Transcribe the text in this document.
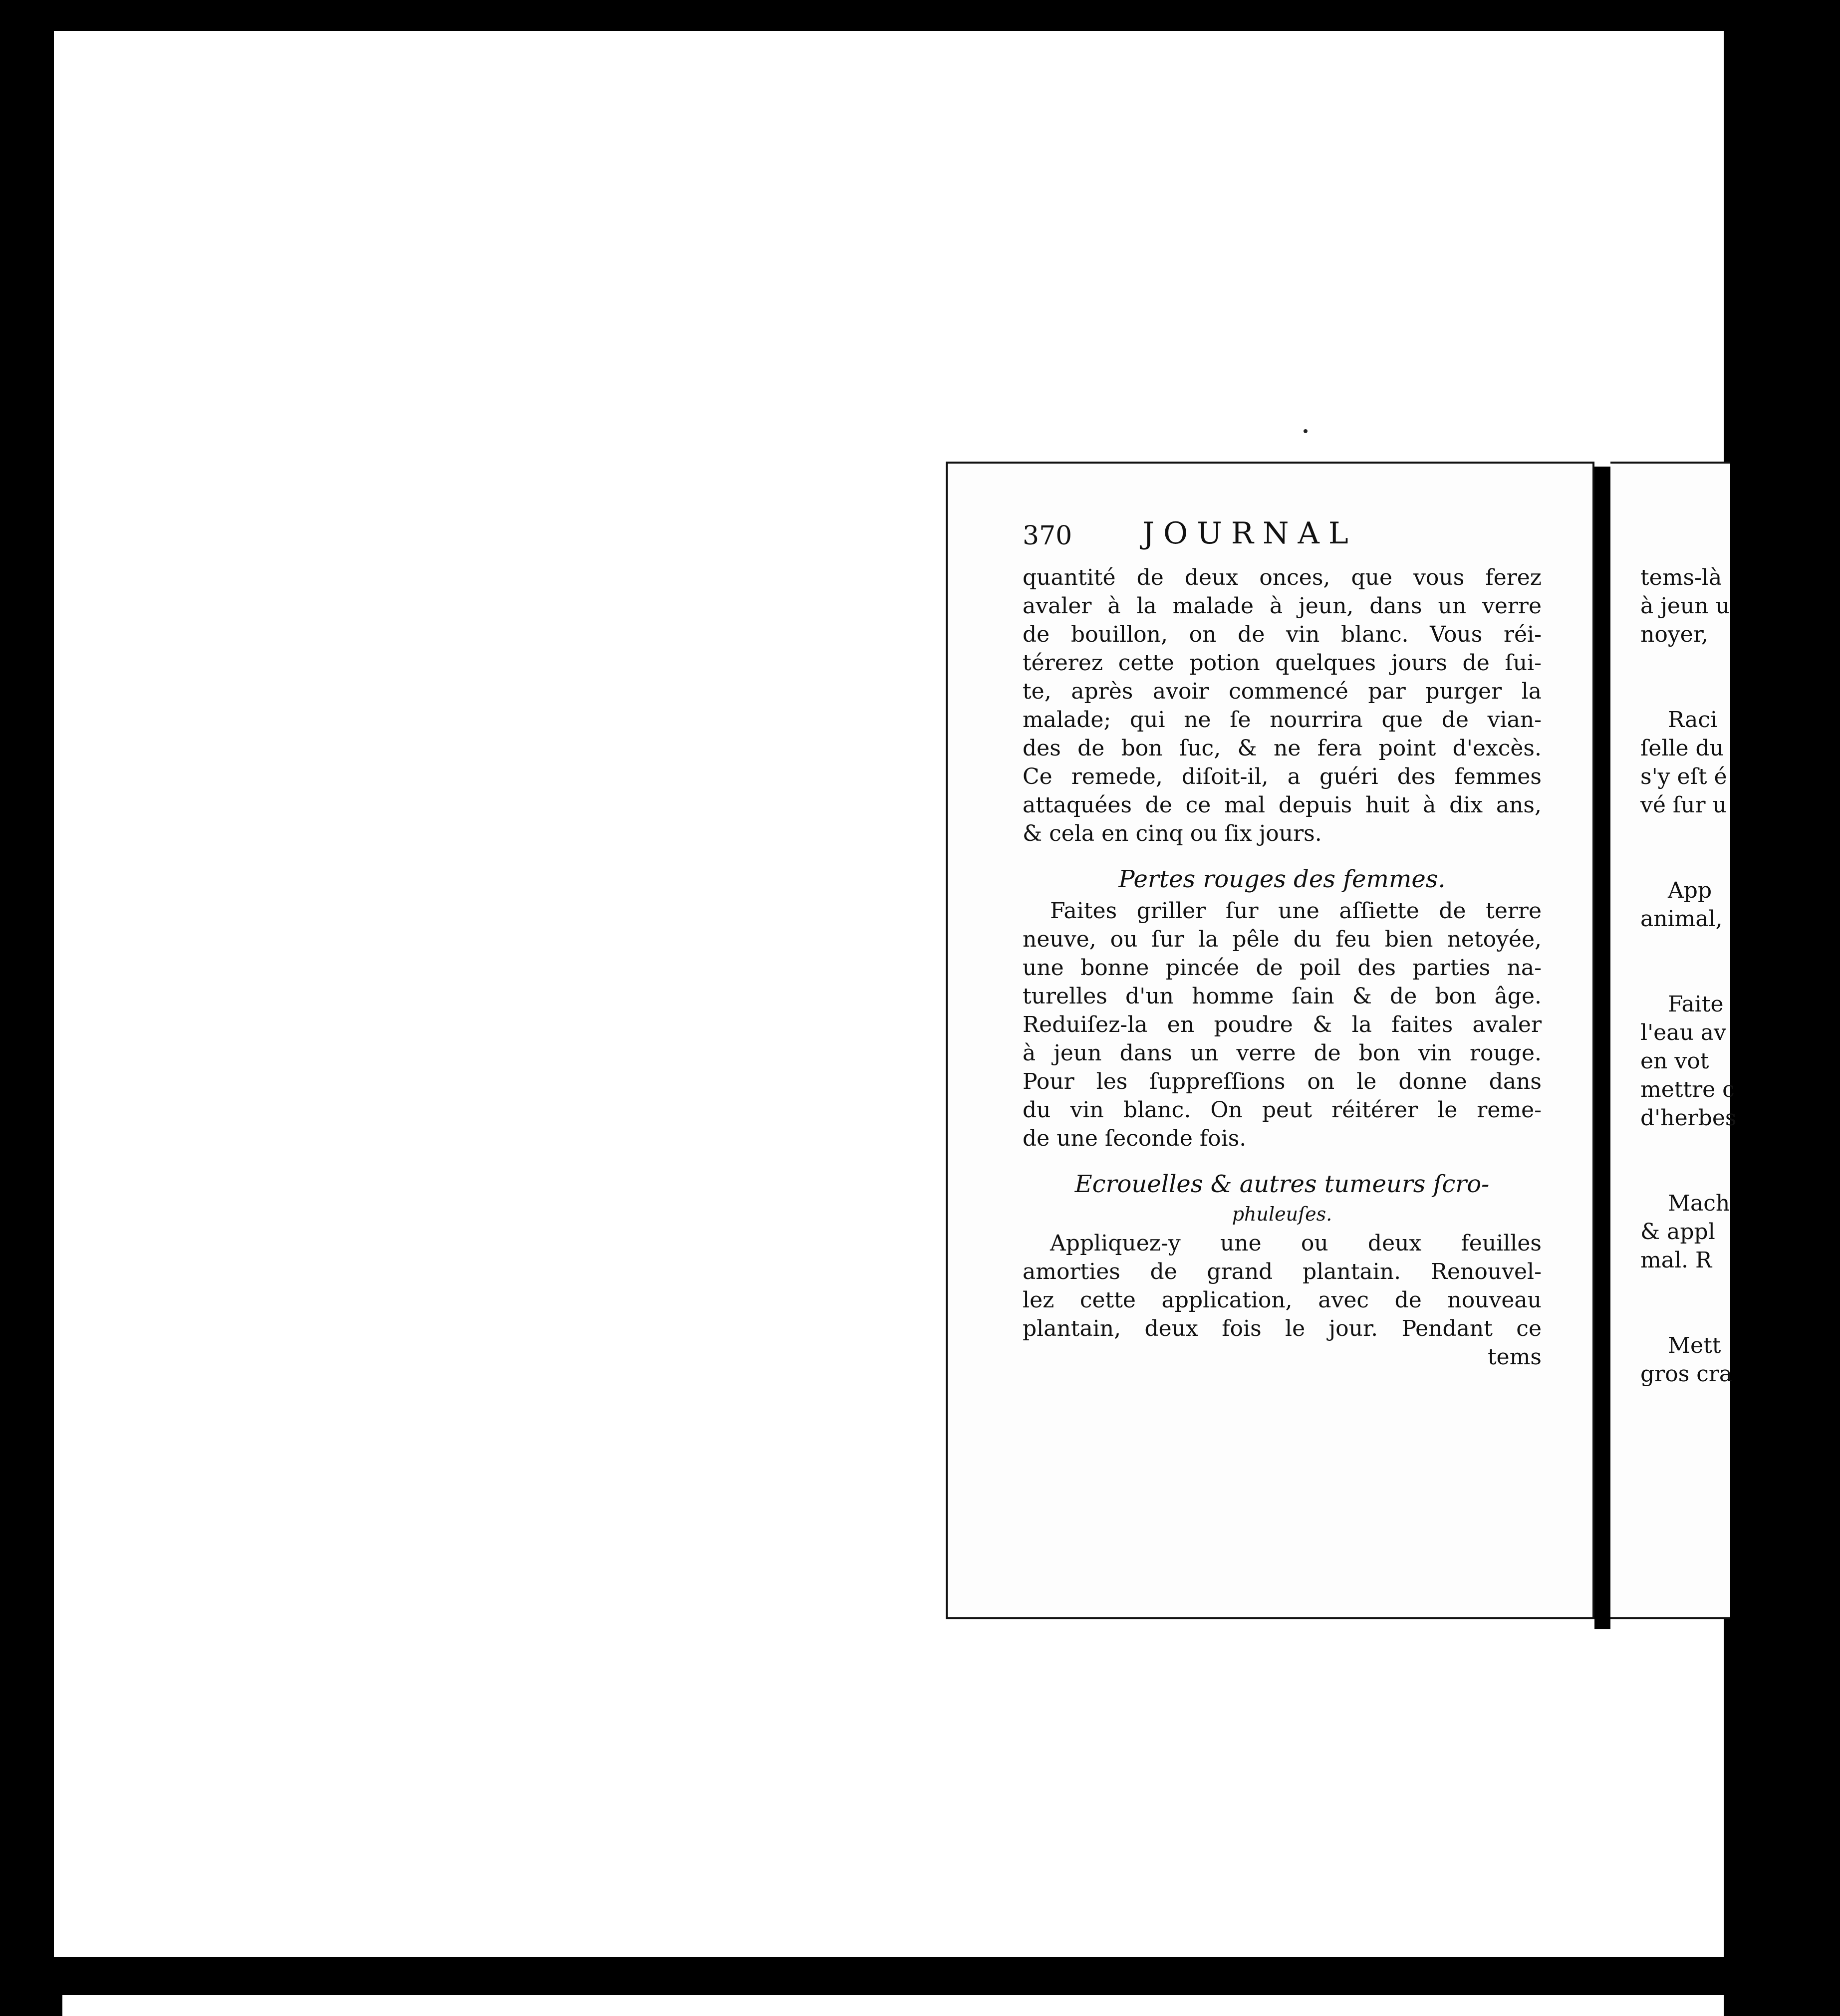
370 JOURNAL
quantité de deux onces, que vous ferez
avaler à la malade à jeun, dans un verre
de bouillon, on de vin blanc. Vous réi-
térerez cette potion quelques jours de ſui-
te, après avoir commencé par purger la
malade; qui ne ſe nourrira que de vian-
des de bon ſuc, & ne fera point d'excès.
Ce remede, diſoit-il, a guéri des femmes
attaquées de ce mal depuis huit à dix ans,
& cela en cinq ou ſix jours.
Pertes rouges des femmes.
Faites griller ſur une aſſiette de terre
neuve, ou ſur la pêle du feu bien netoyée,
une bonne pincée de poil des parties na-
turelles d'un homme ſain & de bon âge.
Reduiſez-la en poudre & la faites avaler
à jeun dans un verre de bon vin rouge.
Pour les ſuppreſſions on le donne dans
du vin blanc. On peut réitérer le reme-
de une ſeconde fois.
Ecrouelles & autres tumeurs ſcro-
phuleuſes.
Appliquez-y une ou deux feuilles
amorties de grand plantain. Renouvel-
lez cette application, avec de nouveau
plantain, deux fois le jour. Pendant ce
tems
tems-là
à jeun u
noyer,
Raci
ſelle du
s'y eſt é
vé ſur u
App
animal,
Faite
l'eau av
en vot
mettre c
d'herbes
Mach
& appl
mal. R
Mett
gros cra
